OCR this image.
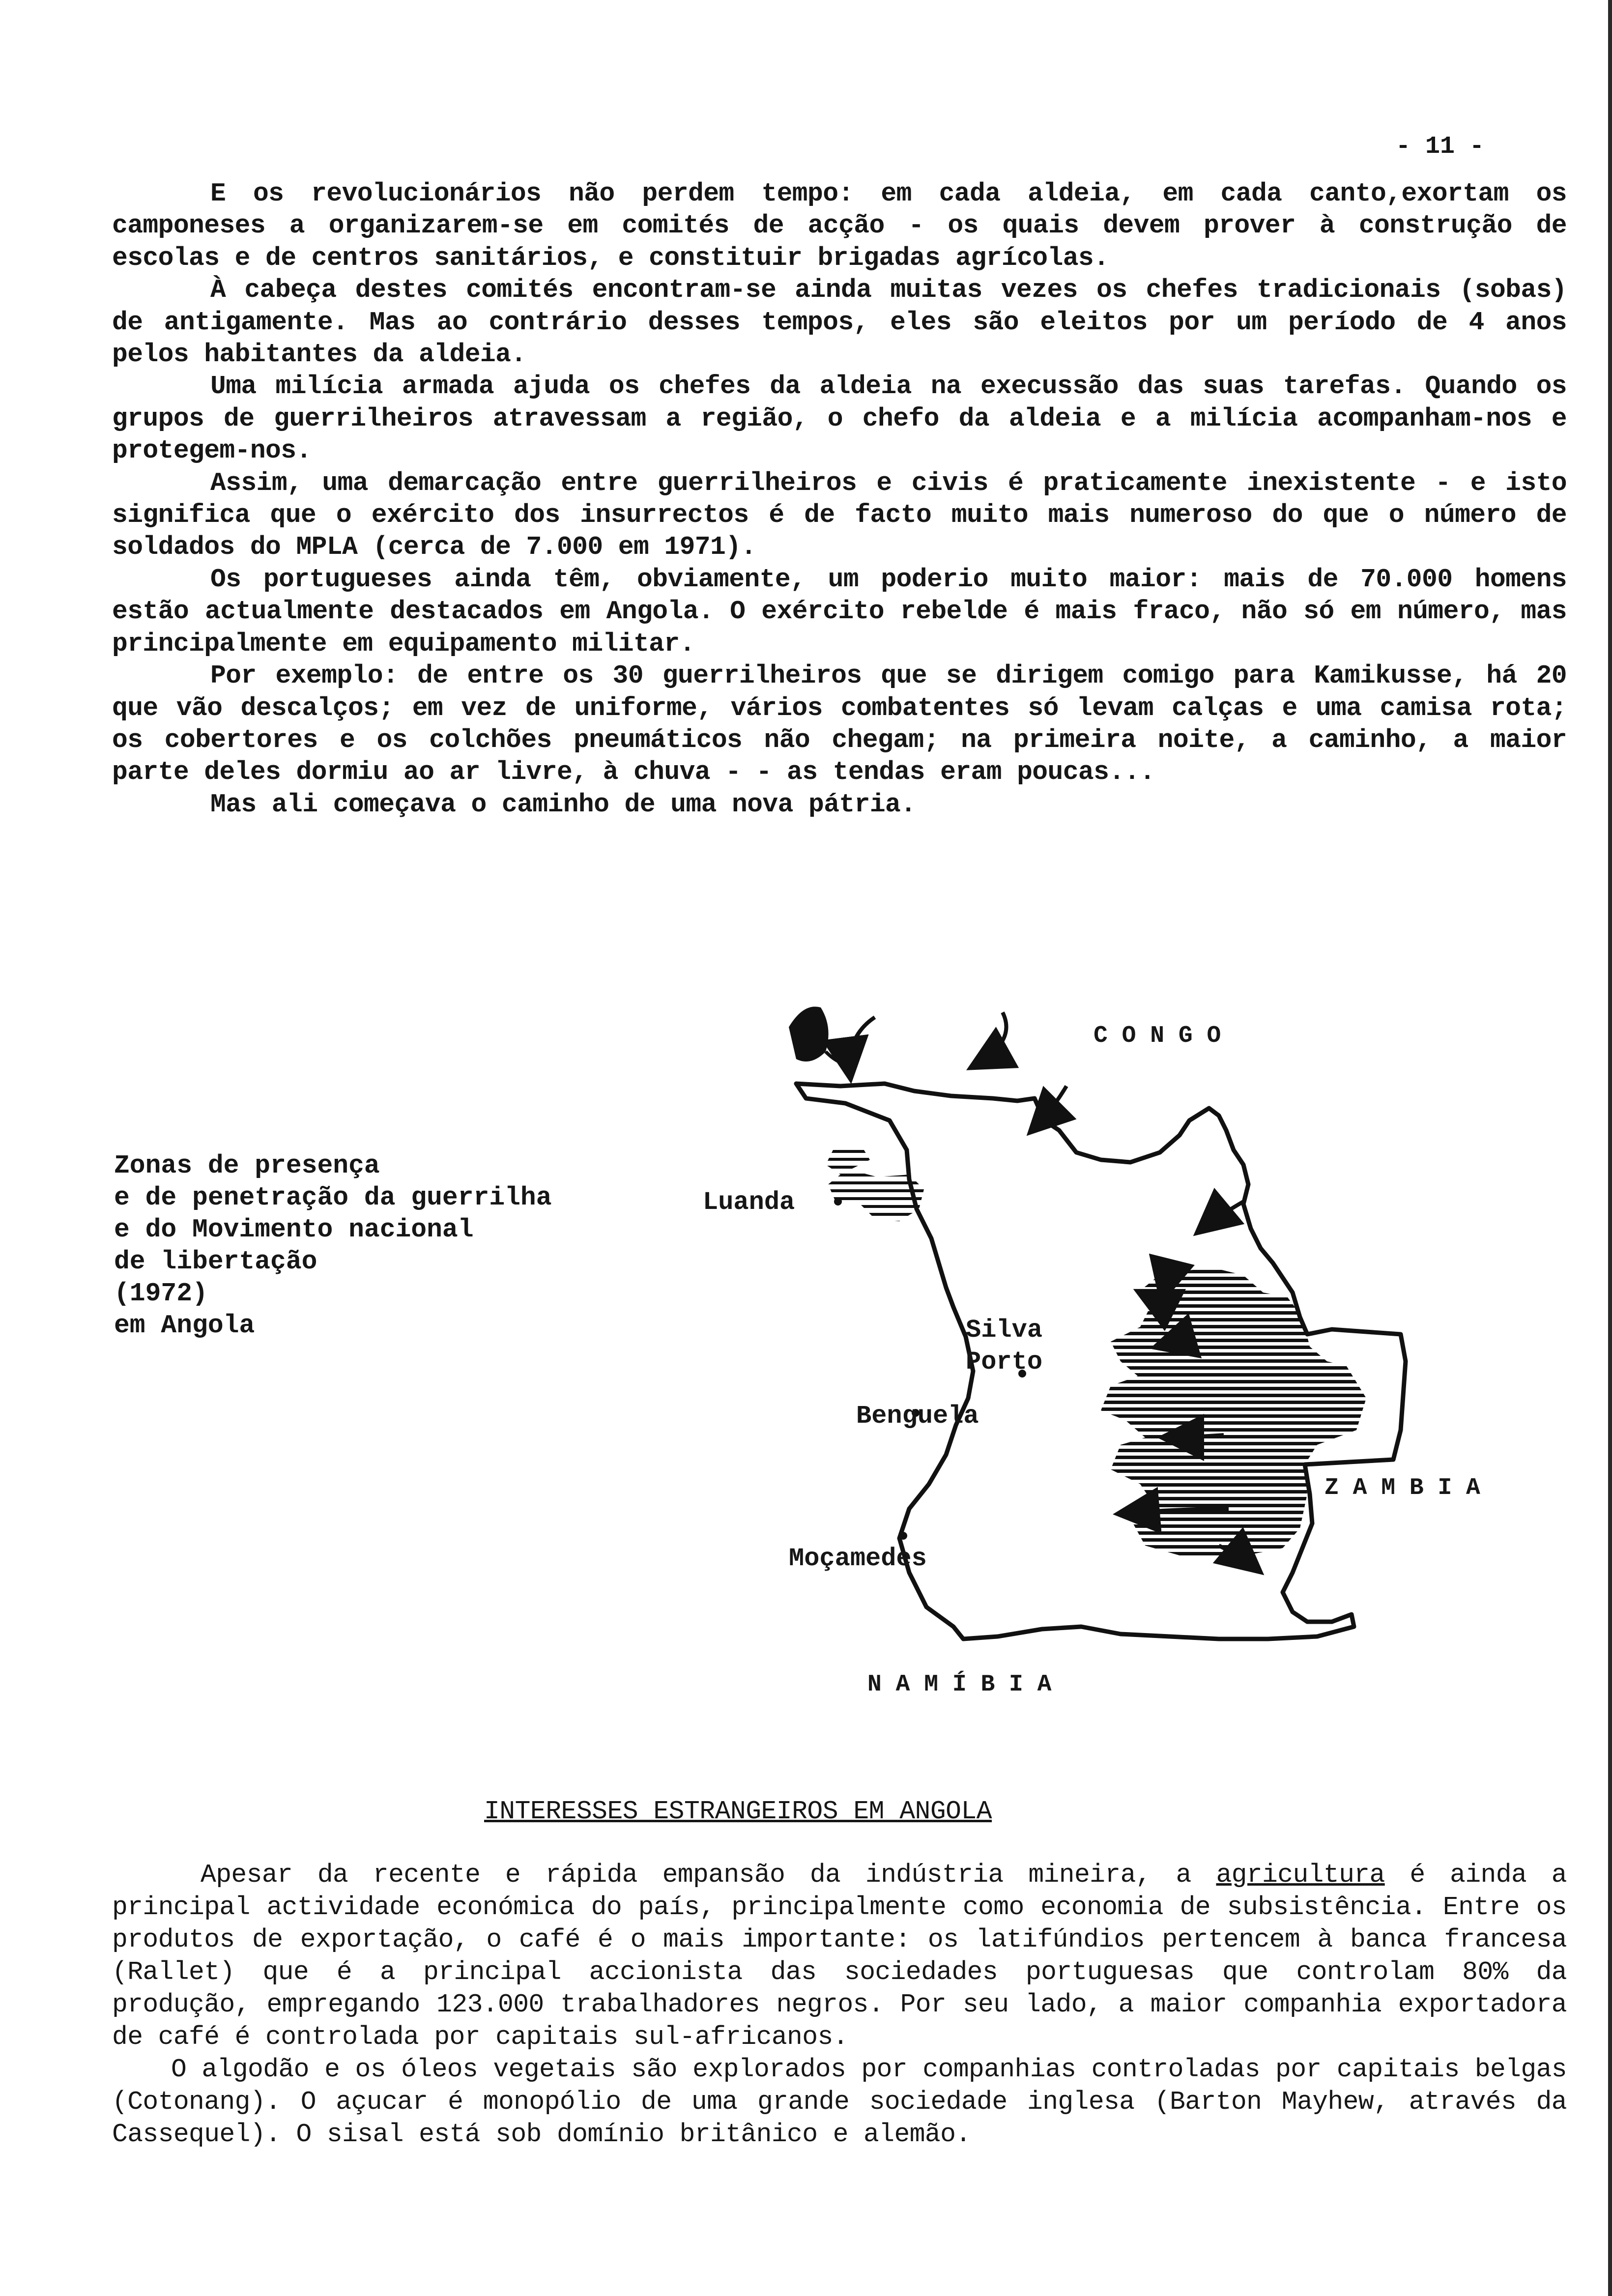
- 11 -

E os revolucionários não perdem tempo: em cada aldeia, em cada canto,exortam os camponeses a organizarem-se em comités de acção - os quais devem prover à construção de escolas e de centros sanitários, e constituir brigadas agrícolas.

À cabeça destes comités encontram-se ainda muitas vezes os chefes tradicionais (sobas) de antigamente. Mas ao contrário desses tempos, eles são eleitos por um período de 4 anos pelos habitantes da aldeia.

Uma milícia armada ajuda os chefes da aldeia na execussão das suas tarefas. Quando os grupos de guerrilheiros atravessam a região, o chefo da aldeia e a milícia acompanham-nos e protegem-nos.

Assim, uma demarcação entre guerrilheiros e civis é praticamente inexistente - e isto significa que o exército dos insurrectos é de facto muito mais numeroso do que o número de soldados do MPLA (cerca de 7.000 em 1971).

Os portugueses ainda têm, obviamente, um poderio muito maior: mais de 70.000 homens estão actualmente destacados em Angola. O exército rebelde é mais fraco, não só em número, mas principalmente em equipamento militar.

Por exemplo: de entre os 30 guerrilheiros que se dirigem comigo para Kamikusse, há 20 que vão descalços; em vez de uniforme, vários combatentes só levam calças e uma camisa rota; os cobertores e os colchões pneumáticos não chegam; na primeira noite, a caminho, a maior parte deles dormiu ao ar livre, à chuva - - as tendas eram poucas...

Mas ali começava o caminho de uma nova pátria.

Zonas de presença
e de penetração da guerrilha
e do Movimento nacional
de libertação
(1972)
em Angola
C O N G O
Z A M B I A
N A M Í B I A
Luanda
Silva
Porto
Benguela
Moçamedes
INTERESSES ESTRANGEIROS EM ANGOLA

Apesar da recente e rápida empansão da indústria mineira, a agricultura é ainda a principal actividade económica do país, principalmente como economia de subsistência. Entre os produtos de exportação, o café é o mais importante: os latifúndios pertencem à banca francesa (Rallet) que é a principal accionista das sociedades portuguesas que controlam 80% da produção, empregando 123.000 trabalhadores negros. Por seu lado, a maior companhia exportadora de café é controlada por capitais sul-africanos.

O algodão e os óleos vegetais são explorados por companhias controladas por capitais belgas (Cotonang). O açucar é monopólio de uma grande sociedade inglesa (Barton Mayhew, através da Cassequel). O sisal está sob domínio britânico e alemão.
